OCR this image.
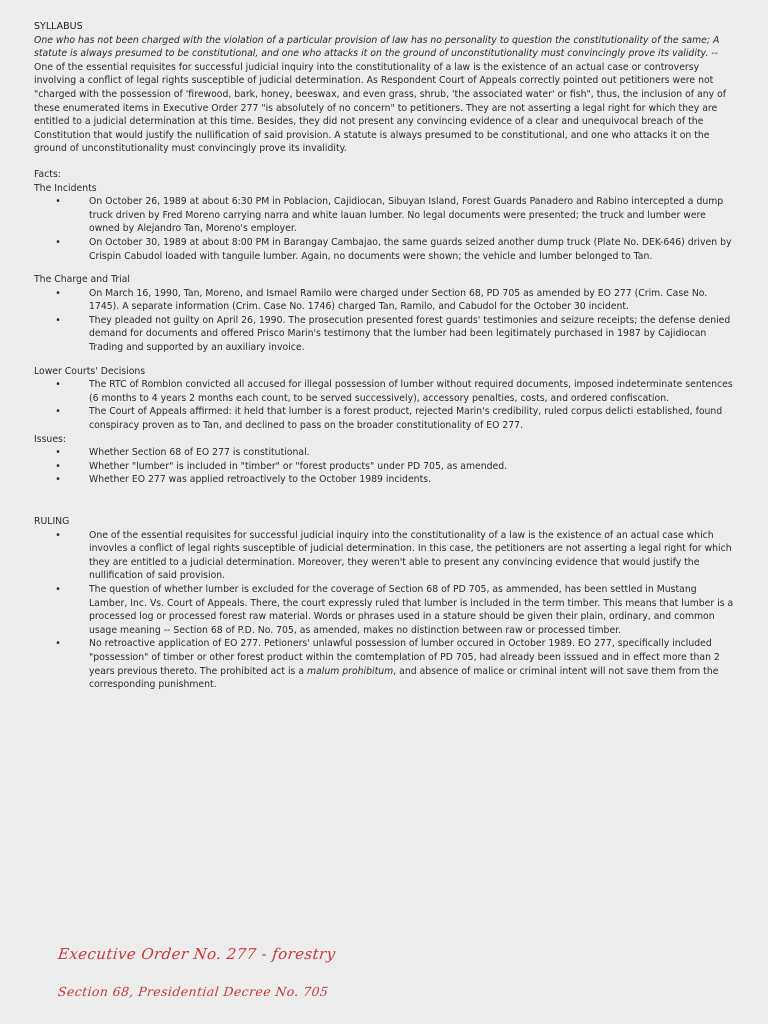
SYLLABUS

One who has not been charged with the violation of a particular provision of law has no personality to question the constitutionality of the same; A statute is always presumed to be constitutional, and one who attacks it on the ground of unconstitutionality must convincingly prove its validity. --

One of the essential requisites for successful judicial inquiry into the constitutionality of a law is the existence of an actual case or controversy involving a conflict of legal rights susceptible of judicial determination. As Respondent Court of Appeals correctly pointed out petitioners were not "charged with the possession of 'firewood, bark, honey, beeswax, and even grass, shrub, 'the associated water' or fish", thus, the inclusion of any of these enumerated items in Executive Order 277 "is absolutely of no concern" to petitioners. They are not asserting a legal right for which they are entitled to a judicial determination at this time. Besides, they did not present any convincing evidence of a clear and unequivocal breach of the Constitution that would justify the nullification of said provision. A statute is always presumed to be constitutional, and one who attacks it on the ground of unconstitutionality must convincingly prove its invalidity.

Facts:
The Incidents
•	On October 26, 1989 at about 6:30 PM in Poblacion, Cajidiocan, Sibuyan Island, Forest Guards Panadero and Rabino intercepted a dump truck driven by Fred Moreno carrying narra and white lauan lumber. No legal documents were presented; the truck and lumber were owned by Alejandro Tan, Moreno's employer.
•	On October 30, 1989 at about 8:00 PM in Barangay Cambajao, the same guards seized another dump truck (Plate No. DEK-646) driven by Crispin Cabudol loaded with tanguile lumber. Again, no documents were shown; the vehicle and lumber belonged to Tan.
The Charge and Trial
•	On March 16, 1990, Tan, Moreno, and Ismael Ramilo were charged under Section 68, PD 705 as amended by EO 277 (Crim. Case No. 1745). A separate information (Crim. Case No. 1746) charged Tan, Ramilo, and Cabudol for the October 30 incident.
•	They pleaded not guilty on April 26, 1990. The prosecution presented forest guards' testimonies and seizure receipts; the defense denied demand for documents and offered Prisco Marin's testimony that the lumber had been legitimately purchased in 1987 by Cajidiocan Trading and supported by an auxiliary invoice.
Lower Courts' Decisions
•	The RTC of Romblon convicted all accused for illegal possession of lumber without required documents, imposed indeterminate sentences (6 months to 4 years 2 months each count, to be served successively), accessory penalties, costs, and ordered confiscation.
•	The Court of Appeals affirmed: it held that lumber is a forest product, rejected Marin's credibility, ruled corpus delicti established, found conspiracy proven as to Tan, and declined to pass on the broader constitutionality of EO 277.
Issues:
•	Whether Section 68 of EO 277 is constitutional.
•	Whether "lumber" is included in "timber" or "forest products" under PD 705, as amended.
•	Whether EO 277 was applied retroactively to the October 1989 incidents.
RULING
•	One of the essential requisites for successful judicial inquiry into the constitutionality of a law is the existence of an actual case which invovles a conflict of legal rights susceptible of judicial determination. In this case, the petitioners are not asserting a legal right for which they are entitled to a judicial determination. Moreover, they weren't able to present any convincing evidence that would justify the nullification of said provision.
•	The question of whether lumber is excluded for the coverage of Section 68 of PD 705, as ammended, has been settled in Mustang Lamber, Inc. Vs. Court of Appeals. There, the court expressly ruled that lumber is included in the term timber. This means that lumber is a processed log or processed forest raw material. Words or phrases used in a stature should be given their plain, ordinary, and common usage meaning -- Section 68 of P.D. No. 705, as amended, makes no distinction between raw or processed timber.
•	No retroactive application of EO 277. Petioners' unlawful possession of lumber occured in October 1989. EO 277, specifically included "possession" of timber or other forest product within the comtemplation of PD 705, had already been isssued and in effect more than 2 years previous thereto. The prohibited act is a malum prohibitum, and absence of malice or criminal intent will not save them from the corresponding punishment.
Executive Order No. 277 - forestry
Section 68, Presidential Decree No. 705
